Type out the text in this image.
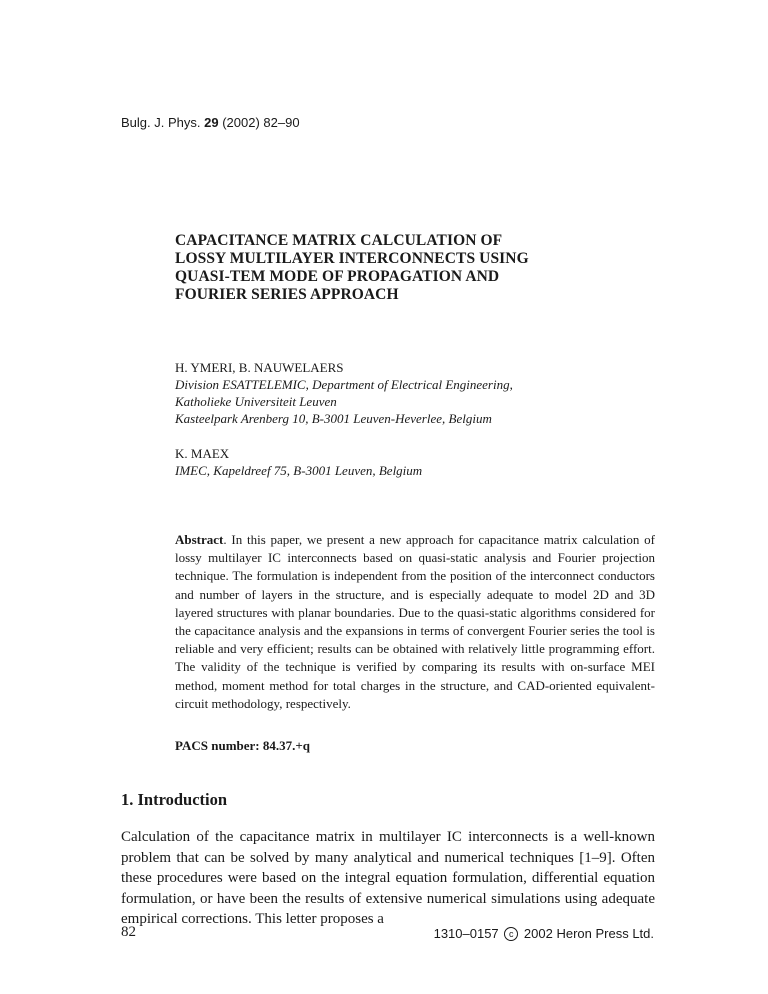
Bulg. J. Phys. 29 (2002) 82–90
CAPACITANCE MATRIX CALCULATION OF
LOSSY MULTILAYER INTERCONNECTS USING
QUASI-TEM MODE OF PROPAGATION AND
FOURIER SERIES APPROACH
H. YMERI, B. NAUWELAERS
Division ESATTELEMIC, Department of Electrical Engineering,
Katholieke Universiteit Leuven
Kasteelpark Arenberg 10, B-3001 Leuven-Heverlee, Belgium
K. MAEX
IMEC, Kapeldreef 75, B-3001 Leuven, Belgium
Abstract. In this paper, we present a new approach for capacitance matrix calculation of lossy multilayer IC interconnects based on quasi-static analysis and Fourier projection technique. The formulation is independent from the position of the interconnect conductors and number of layers in the structure, and is especially adequate to model 2D and 3D layered structures with planar boundaries. Due to the quasi-static algorithms considered for the capacitance analysis and the expansions in terms of convergent Fourier series the tool is reliable and very efficient; results can be obtained with relatively little programming effort. The validity of the technique is verified by comparing its results with on-surface MEI method, moment method for total charges in the structure, and CAD-oriented equivalent-circuit methodology, respectively.
PACS number: 84.37.+q
1. Introduction
Calculation of the capacitance matrix in multilayer IC interconnects is a well-known problem that can be solved by many analytical and numerical techniques [1–9]. Often these procedures were based on the integral equation formulation, differential equation formulation, or have been the results of extensive numerical simulations using adequate empirical corrections. This letter proposes a
82	1310–0157 c 2002 Heron Press Ltd.
